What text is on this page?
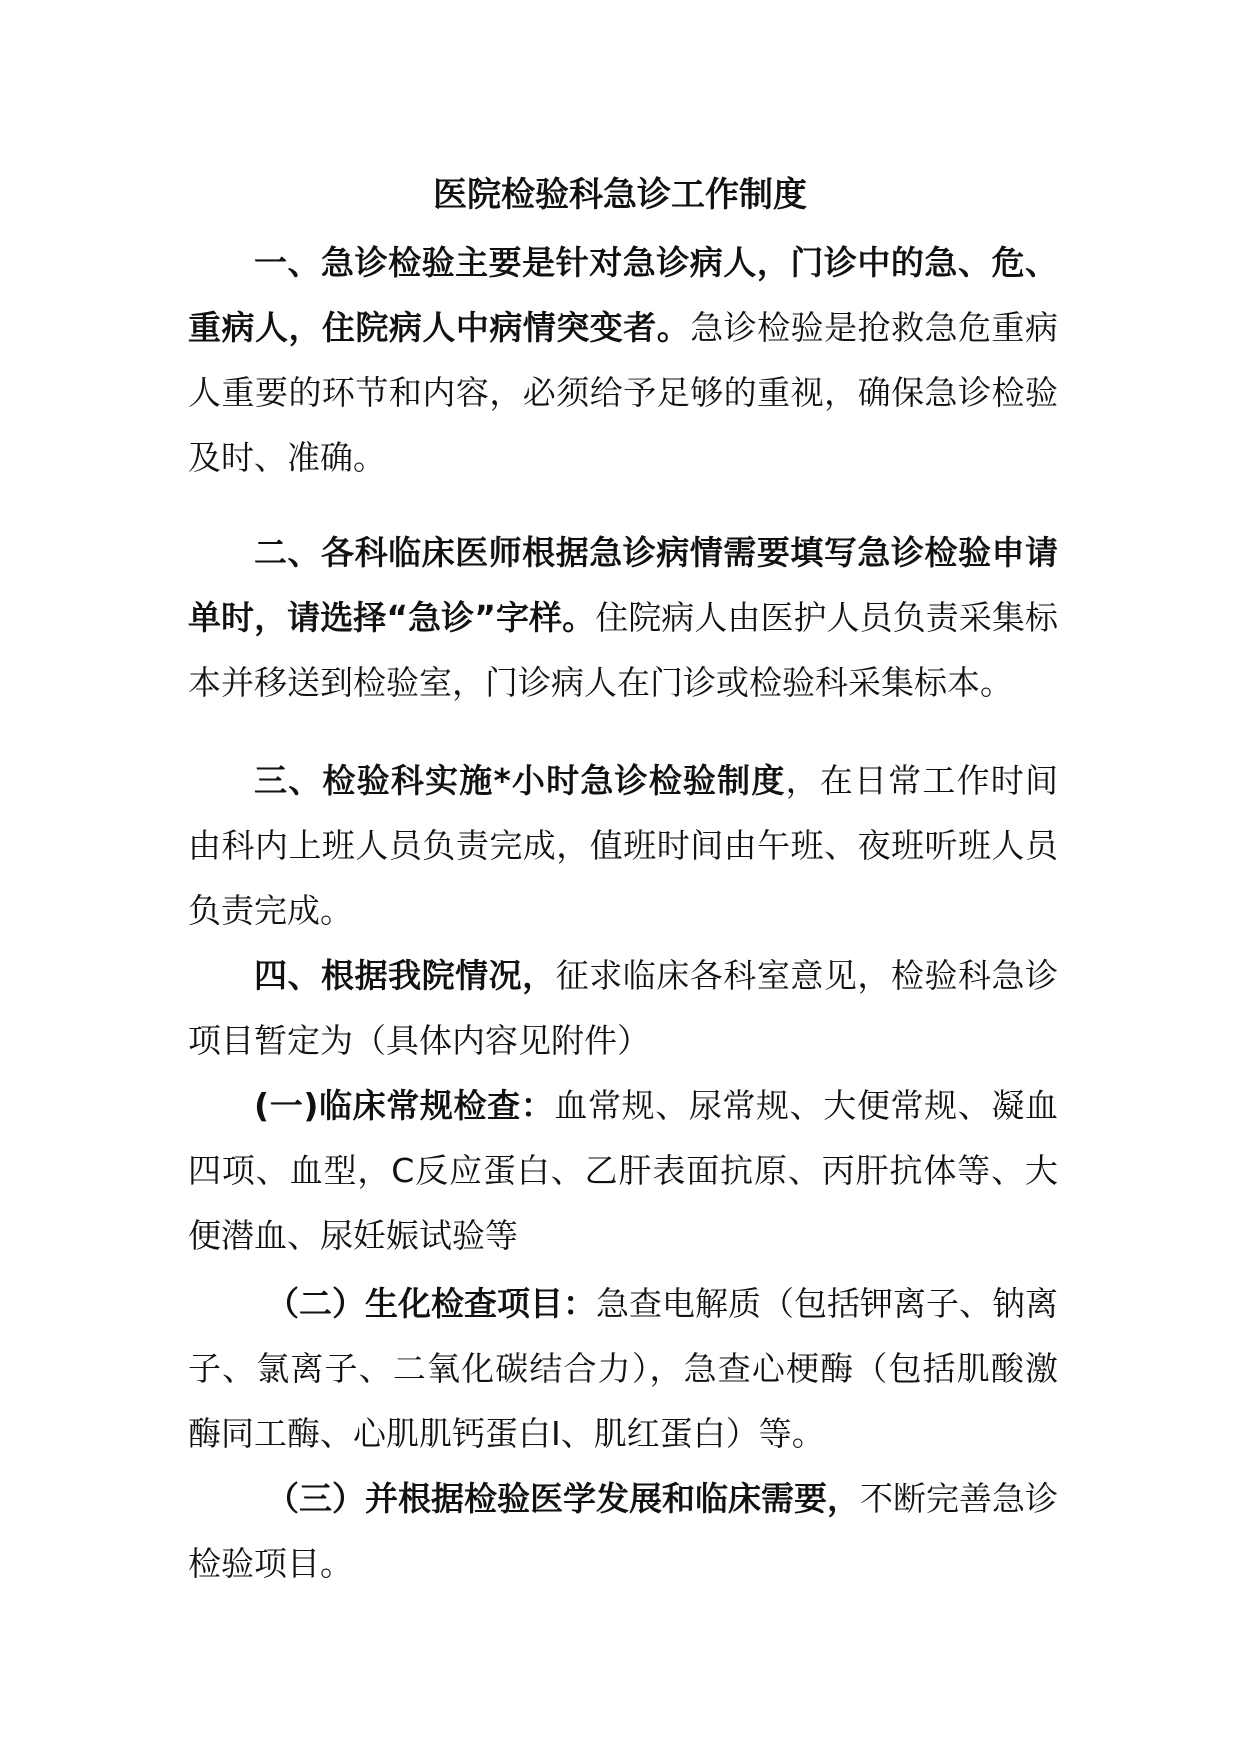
医院检验科急诊工作制度

一、急诊检验主要是针对急诊病人，门诊中的急、危、重病人，住院病人中病情突变者。急诊检验是抢救急危重病人重要的环节和内容，必须给予足够的重视，确保急诊检验及时、准确。

二、各科临床医师根据急诊病情需要填写急诊检验申请单时，请选择“急诊”字样。住院病人由医护人员负责采集标本并移送到检验室，门诊病人在门诊或检验科采集标本。

三、检验科实施*小时急诊检验制度，在日常工作时间由科内上班人员负责完成，值班时间由午班、夜班听班人员负责完成。

四、根据我院情况，征求临床各科室意见，检验科急诊项目暂定为（具体内容见附件）

(一)临床常规检查：血常规、尿常规、大便常规、凝血四项、血型，C反应蛋白、乙肝表面抗原、丙肝抗体等、大便潜血、尿妊娠试验等

（二）生化检查项目：急查电解质（包括钾离子、钠离子、氯离子、二氧化碳结合力），急查心梗酶（包括肌酸激酶同工酶、心肌肌钙蛋白I、肌红蛋白）等。

（三）并根据检验医学发展和临床需要，不断完善急诊检验项目。
